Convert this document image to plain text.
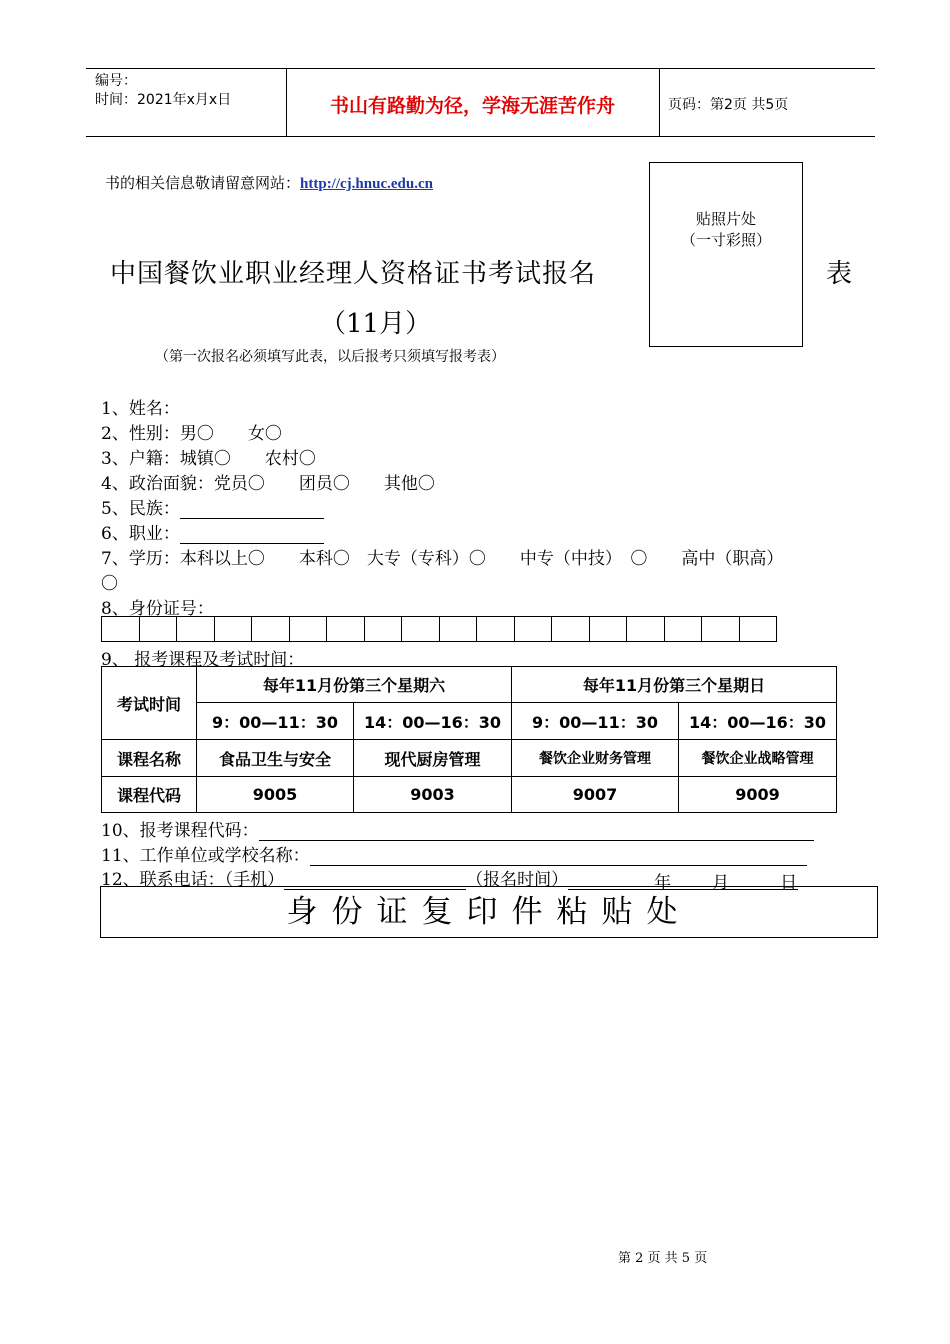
编号：
时间：2021年x月x日	书山有路勤为径，学海无涯苦作舟	页码：第2页 共5页
书的相关信息敬请留意网站：http://cj.hnuc.edu.cn
贴照片处
（一寸彩照）
中国餐饮业职业经理人资格证书考试报名	表
（11月）
（第一次报名必须填写此表，以后报考只须填写报考表）
1、姓名：
2、性别：男〇　　女〇
3、户籍：城镇〇　　农村〇
4、政治面貌：党员〇　　团员〇　　其他〇
5、民族：
6、职业：
7、学历：本科以上〇　　本科〇　大专（专科）〇　　中专（中技）　〇　　高中（职高）
〇
8、身份证号：
9、 报考课程及考试时间：
考试时间	每年11月份第三个星期六		每年11月份第三个星期日	
	9：00—11：30	14：00—16：30	9：00—11：30	14：00—16：30
课程名称	食品卫生与安全	现代厨房管理	餐饮企业财务管理	餐饮企业战略管理
课程代码	9005	9003	9007	9009
10、报考课程代码：
11、工作单位或学校名称：
12、联系电话：（手机）	（报名时间）	年 月	日
身份证复印件粘贴处
第 2 页 共 5 页
